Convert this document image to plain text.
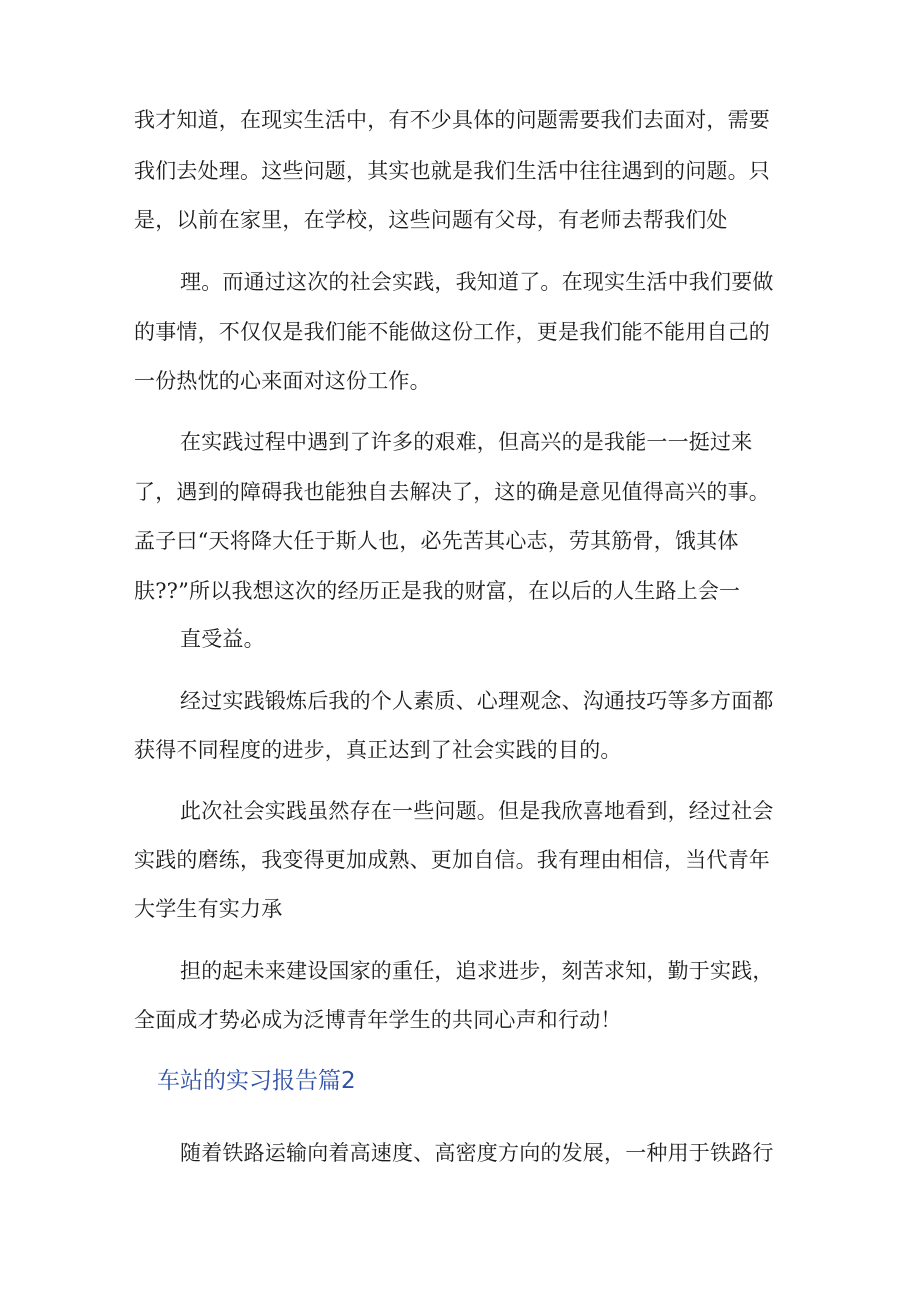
我才知道，在现实生活中，有不少具体的问题需要我们去面对，需要
我们去处理。这些问题，其实也就是我们生活中往往遇到的问题。只
是，以前在家里，在学校，这些问题有父母，有老师去帮我们处
理。而通过这次的社会实践，我知道了。在现实生活中我们要做
的事情，不仅仅是我们能不能做这份工作，更是我们能不能用自己的
一份热忱的心来面对这份工作。
在实践过程中遇到了许多的艰难，但高兴的是我能一一挺过来
了，遇到的障碍我也能独自去解决了，这的确是意见值得高兴的事。
孟子曰“天将降大任于斯人也，必先苦其心志，劳其筋骨，饿其体
肤??”所以我想这次的经历正是我的财富，在以后的人生路上会一
直受益。
经过实践锻炼后我的个人素质、心理观念、沟通技巧等多方面都
获得不同程度的进步，真正达到了社会实践的目的。
此次社会实践虽然存在一些问题。但是我欣喜地看到，经过社会
实践的磨练，我变得更加成熟、更加自信。我有理由相信，当代青年
大学生有实力承
担的起未来建设国家的重任，追求进步，刻苦求知，勤于实践，
全面成才势必成为泛博青年学生的共同心声和行动！
车站的实习报告篇2
随着铁路运输向着高速度、高密度方向的发展，一种用于铁路行
